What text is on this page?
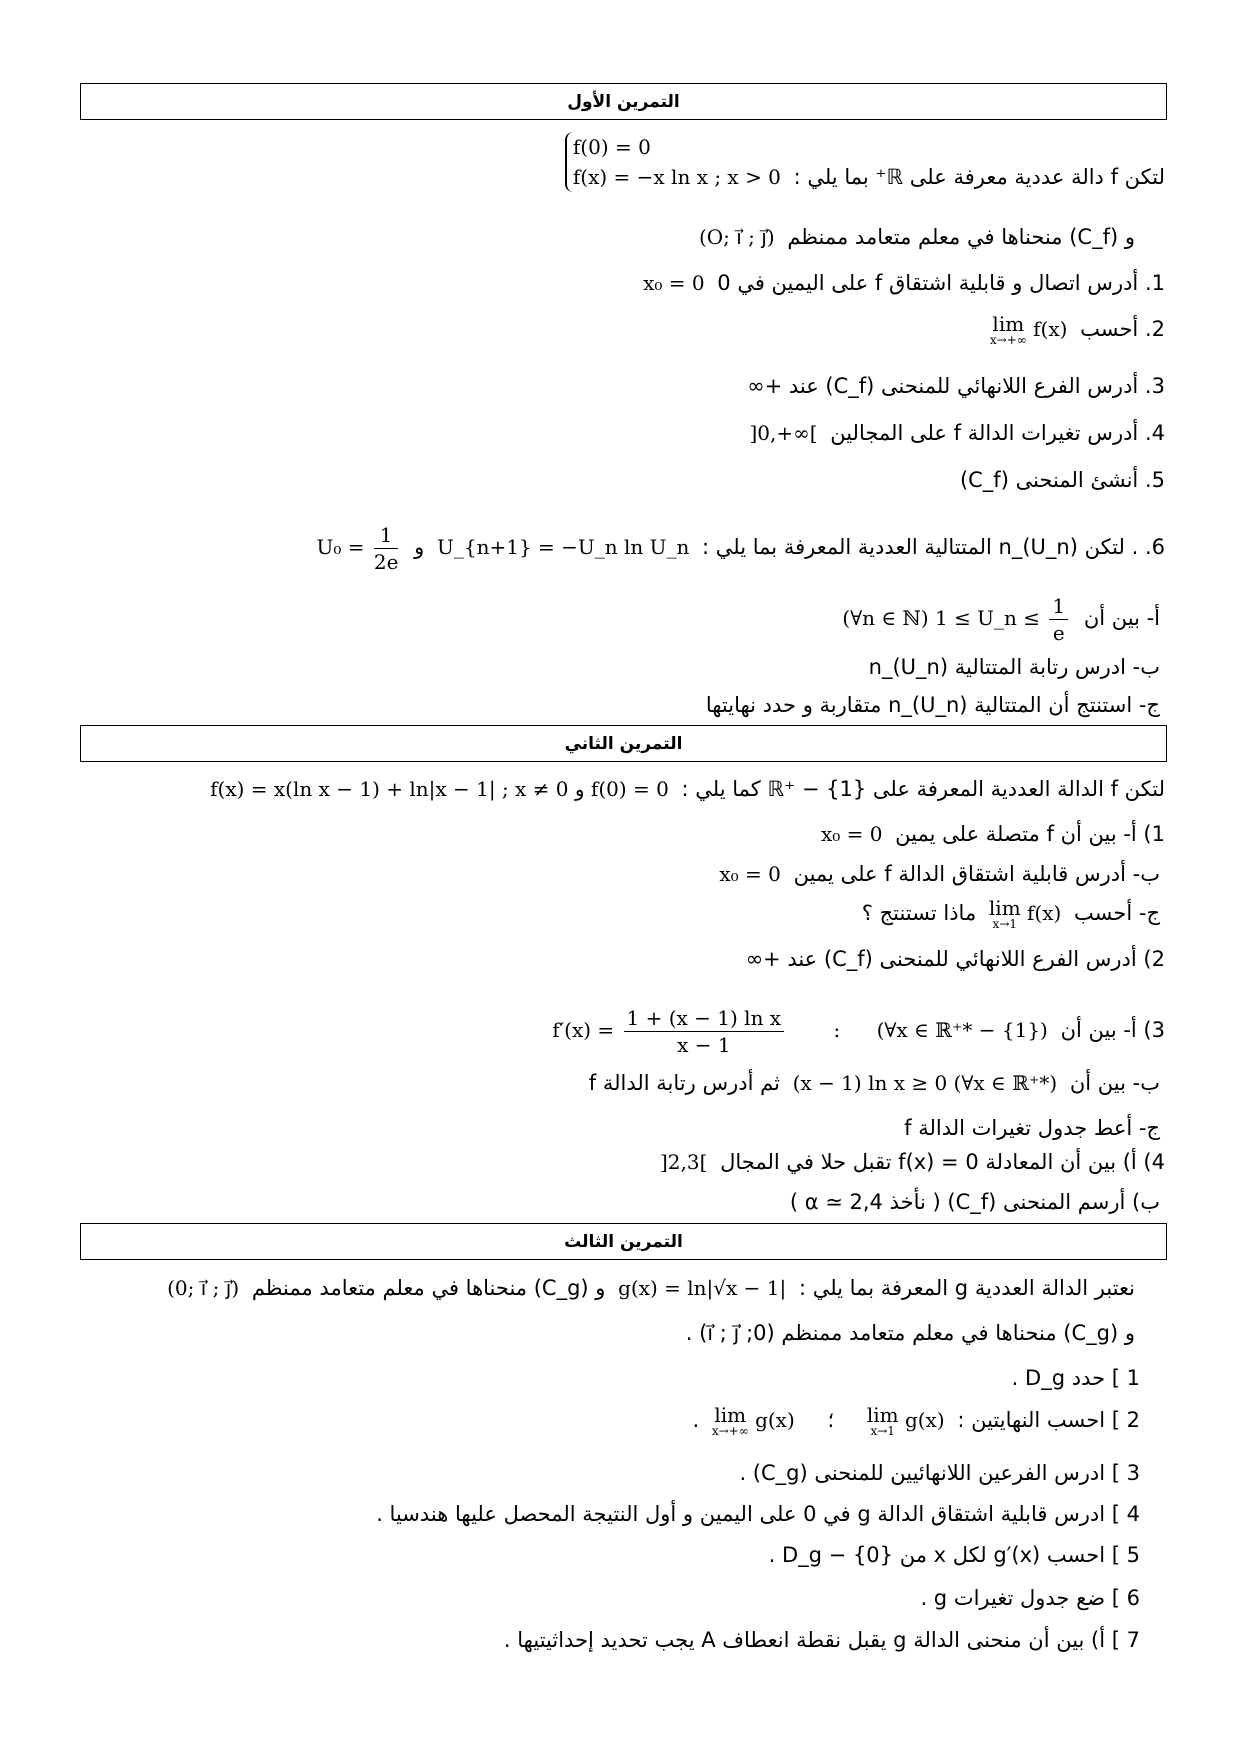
التمرين الأول
لتكن f دالة عددية معرفة على ℝ⁺ بما يلي :
f(0) = 0
f(x) = −x ln x ; x > 0
و (C_f) منحناها في معلم متعامد ممنظم (O; i⃗ ; j⃗)
1. أدرس اتصال و قابلية اشتقاق f على اليمين في 0 x₀ = 0
2. أحسب lim
x→+∞ f(x)
3. أدرس الفرع اللانهائي للمنحنى (C_f) عند +∞
4. أدرس تغيرات الدالة f على المجالين ]0,+∞[
5. أنشئ المنحنى (C_f)
6. . لتكن (U_n)_n المتتالية العددية المعرفة بما يلي : U_{n+1} = −U_n ln U_n و $U_0 = \frac{1}{2e}$
أ- بين أن (∀n ∈ ℕ) 1 ≤ U_n ≤ $\frac{1}{e}$
ب- ادرس رتابة المتتالية (U_n)_n
ج- استنتج أن المتتالية (U_n)_n متقاربة و حدد نهايتها
التمرين الثاني
لتكن f الدالة العددية المعرفة على ℝ⁺ − {1} كما يلي : f(x) = x(ln x − 1) + ln|x − 1| ; x ≠ 0 و f(0) = 0
1) أ- بين أن f متصلة على يمين x₀ = 0
ب- أدرس قابلية اشتقاق الدالة f على يمين x₀ = 0
ج- أحسب lim
x→1 f(x) ماذا تستنتج ؟
2) أدرس الفرع اللانهائي للمنحنى (C_f) عند +∞
3) أ- بين أن $f'(x) = \frac{\text{1 + (x − 1) ln x}}{x - 1}$ : (∀x ∈ ℝ⁺* − {1})
ب- بين أن (x − 1) ln x ≥ 0 (∀x ∈ ℝ⁺*) ثم أدرس رتابة الدالة f
ج- أعط جدول تغيرات الدالة f
4) أ) بين أن المعادلة f(x) = 0 تقبل حلا في المجال ]2,3[
ب) أرسم المنحنى (C_f) ( نأخذ α ≃ 2,4 )
التمرين الثالث
نعتبر الدالة العددية g المعرفة بما يلي : g(x) = ln|√x − 1| و (C_g) منحناها في معلم متعامد ممنظم (0; i⃗ ; j⃗)
و (C_g) منحناها في معلم متعامد ممنظم (0; i⃗ ; j⃗) .
1 ] حدد D_g .
2 ] احسب النهايتين : lim
x→1 g(x) ؛ lim
x→+∞ g(x) .
3 ] ادرس الفرعين اللانهائيين للمنحنى (C_g) .
4 ] ادرس قابلية اشتقاق الدالة g في 0 على اليمين و أول النتيجة المحصل عليها هندسيا .
5 ] احسب g′(x) لكل x من D_g − {0} .
6 ] ضع جدول تغيرات g .
7 ] أ) بين أن منحنى الدالة g يقبل نقطة انعطاف A يجب تحديد إحداثيتيها .
